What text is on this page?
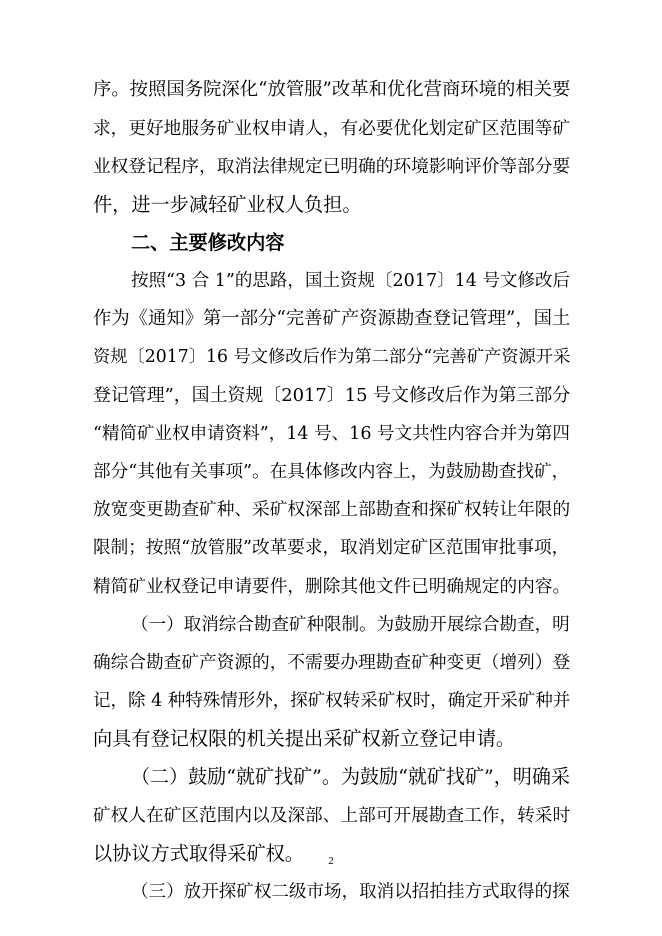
序。按照国务院深化“放管服”改革和优化营商环境的相关要
求，更好地服务矿业权申请人，有必要优化划定矿区范围等矿
业权登记程序，取消法律规定已明确的环境影响评价等部分要
件，进一步减轻矿业权人负担。
二、主要修改内容
按照“3 合 1”的思路，国土资规〔2017〕14 号文修改后
作为《通知》第一部分“完善矿产资源勘查登记管理”，国土
资规〔2017〕16 号文修改后作为第二部分“完善矿产资源开采
登记管理”，国土资规〔2017〕15 号文修改后作为第三部分
“精简矿业权申请资料”，14 号、16 号文共性内容合并为第四
部分“其他有关事项”。在具体修改内容上，为鼓励勘查找矿，
放宽变更勘查矿种、采矿权深部上部勘查和探矿权转让年限的
限制；按照“放管服”改革要求，取消划定矿区范围审批事项，
精简矿业权登记申请要件，删除其他文件已明确规定的内容。
（一）取消综合勘查矿种限制。为鼓励开展综合勘查，明
确综合勘查矿产资源的，不需要办理勘查矿种变更（增列）登
记，除 4 种特殊情形外，探矿权转采矿权时，确定开采矿种并
向具有登记权限的机关提出采矿权新立登记申请。
（二）鼓励“就矿找矿”。为鼓励“就矿找矿”，明确采
矿权人在矿区范围内以及深部、上部可开展勘查工作，转采时
以协议方式取得采矿权。
（三）放开探矿权二级市场，取消以招拍挂方式取得的探
2
